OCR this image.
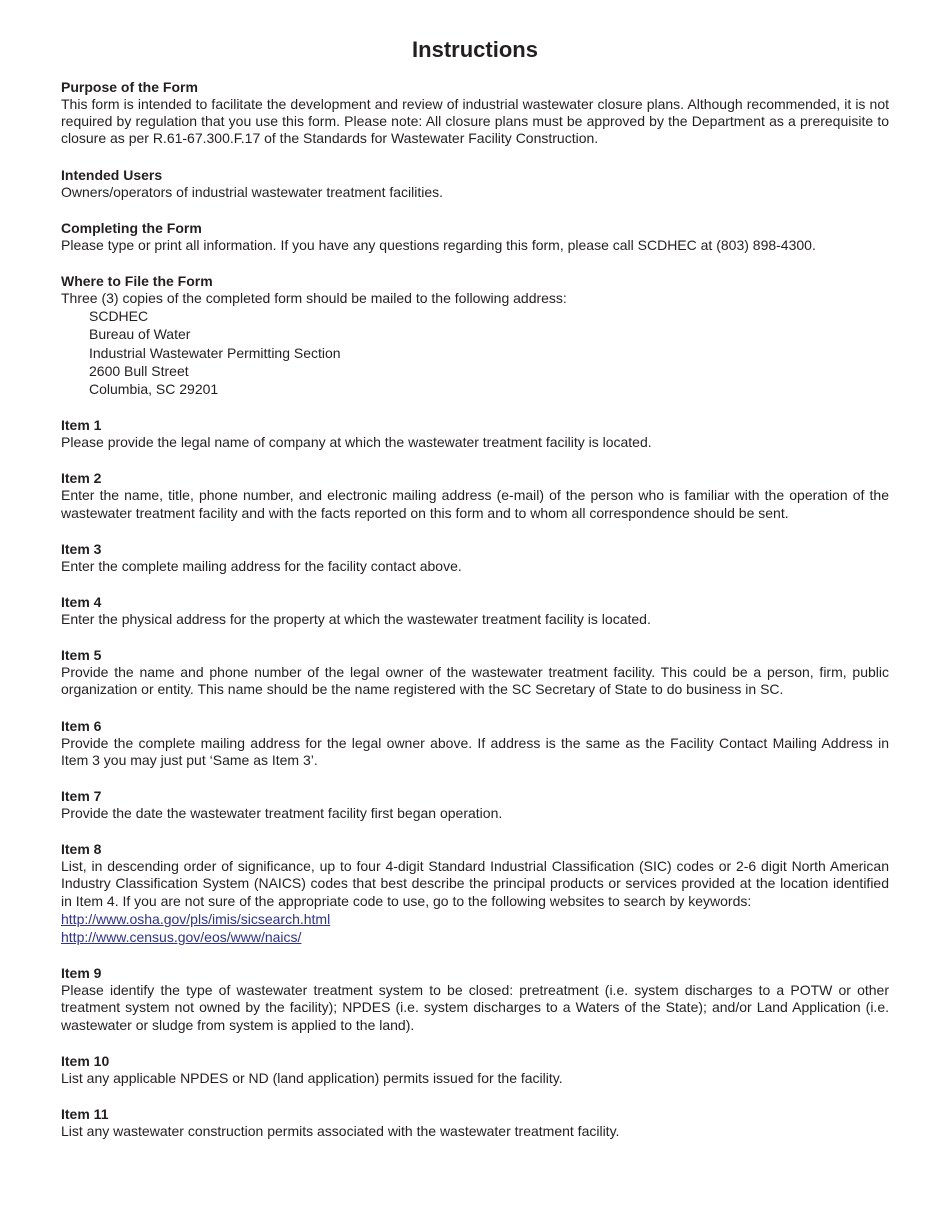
Instructions
Purpose of the Form
This form is intended to facilitate the development and review of industrial wastewater closure plans. Although recommended, it is not required by regulation that you use this form. Please note: All closure plans must be approved by the Department as a prerequisite to closure as per R.61-67.300.F.17 of the Standards for Wastewater Facility Construction.
Intended Users
Owners/operators of industrial wastewater treatment facilities.
Completing the Form
Please type or print all information. If you have any questions regarding this form, please call SCDHEC at (803) 898-4300.
Where to File the Form
Three (3) copies of the completed form should be mailed to the following address:
SCDHEC
Bureau of Water
Industrial Wastewater Permitting Section
2600 Bull Street
Columbia, SC 29201
Item 1
Please provide the legal name of company at which the wastewater treatment facility is located.
Item 2
Enter the name, title, phone number, and electronic mailing address (e-mail) of the person who is familiar with the operation of the wastewater treatment facility and with the facts reported on this form and to whom all correspondence should be sent.
Item 3
Enter the complete mailing address for the facility contact above.
Item 4
Enter the physical address for the property at which the wastewater treatment facility is located.
Item 5
Provide the name and phone number of the legal owner of the wastewater treatment facility. This could be a person, firm, public organization or entity. This name should be the name registered with the SC Secretary of State to do business in SC.
Item 6
Provide the complete mailing address for the legal owner above. If address is the same as the Facility Contact Mailing Address in Item 3 you may just put ‘Same as Item 3’.
Item 7
Provide the date the wastewater treatment facility first began operation.
Item 8
List, in descending order of significance, up to four 4-digit Standard Industrial Classification (SIC) codes or 2-6 digit North American Industry Classification System (NAICS) codes that best describe the principal products or services provided at the location identified in Item 4. If you are not sure of the appropriate code to use, go to the following websites to search by keywords:
http://www.osha.gov/pls/imis/sicsearch.html
http://www.census.gov/eos/www/naics/
Item 9
Please identify the type of wastewater treatment system to be closed: pretreatment (i.e. system discharges to a POTW or other treatment system not owned by the facility); NPDES (i.e. system discharges to a Waters of the State); and/or Land Application (i.e. wastewater or sludge from system is applied to the land).
Item 10
List any applicable NPDES or ND (land application) permits issued for the facility.
Item 11
List any wastewater construction permits associated with the wastewater treatment facility.
